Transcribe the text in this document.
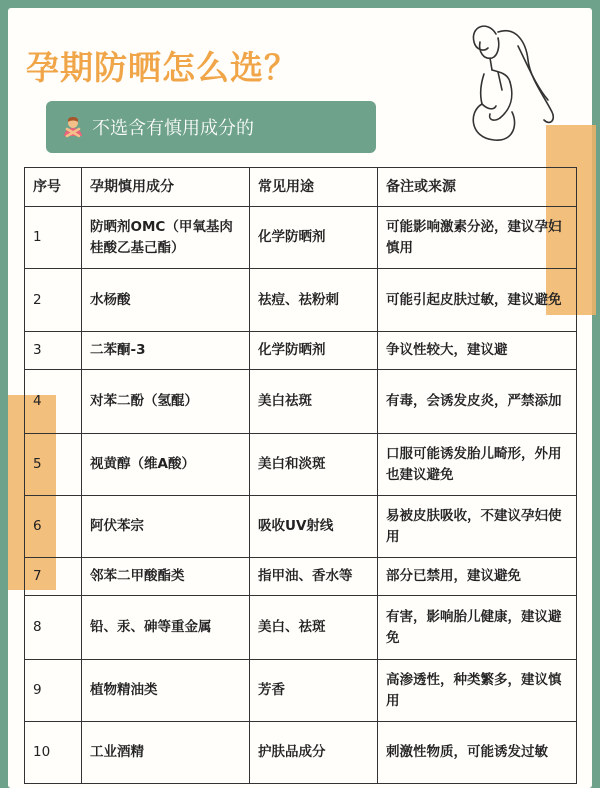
孕期防晒怎么选？
不选含有慎用成分的
序号	孕期慎用成分	常见用途	备注或来源
1	防晒剂OMC（甲氧基肉桂酸乙基己酯）	化学防晒剂	可能影响激素分泌，建议孕妇慎用
2	水杨酸	祛痘、祛粉刺	可能引起皮肤过敏，建议避免
3	二苯酮-3	化学防晒剂	争议性较大，建议避
4	对苯二酚（氢醌）	美白祛斑	有毒，会诱发皮炎，严禁添加
5	视黄醇（维A酸）	美白和淡斑	口服可能诱发胎儿畸形，外用也建议避免
6	阿伏苯宗	吸收UV射线	易被皮肤吸收，不建议孕妇使用
7	邻苯二甲酸酯类	指甲油、香水等	部分已禁用，建议避免
8	铅、汞、砷等重金属	美白、祛斑	有害，影响胎儿健康，建议避免
9	植物精油类	芳香	高渗透性，种类繁多，建议慎用
10	工业酒精	护肤品成分	刺激性物质，可能诱发过敏
